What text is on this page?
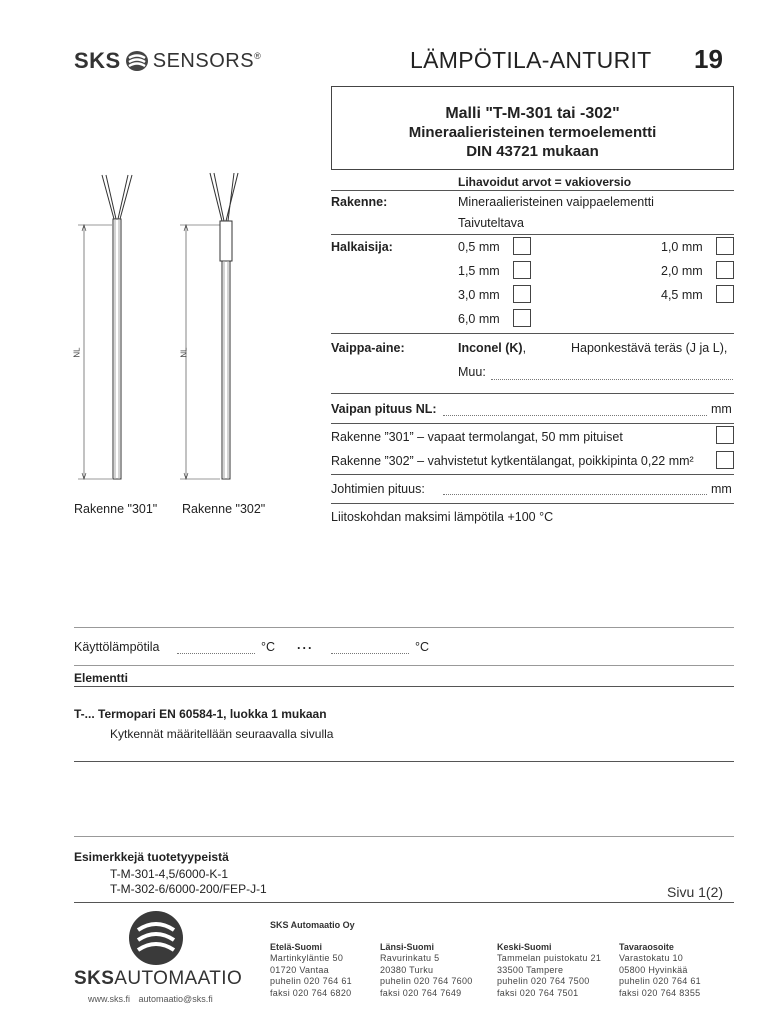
SKS SENSORS ®	LÄMPÖTILA-ANTURIT 19
Malli "T-M-301 tai -302"
Mineraalieristeinen termoelementti
DIN 43721 mukaan
Lihavoidut arvot = vakioversio
Rakenne:	Mineraalieristeinen vaippaelementti
Taivuteltava
Halkaisija:	0,5 mm	1,0 mm
1,5 mm	2,0 mm
3,0 mm	4,5 mm
6,0 mm
Vaippa-aine:	Inconel (K),	Haponkestävä teräs (J ja L),
Muu:
Vaipan pituus NL:	mm
Rakenne ”301” – vapaat termolangat, 50 mm pituiset
Rakenne ”302” – vahvistetut kytkentälangat, poikkipinta 0,22 mm²
Johtimien pituus:	mm
Liitoskohdan maksimi lämpötila +100 °C
NL	NL
Rakenne "301" Rakenne "302"
Käyttölämpötila	°C ...	°C
Elementti
T-... Termopari EN 60584-1, luokka 1 mukaan
Kytkennät määritellään seuraavalla sivulla
Esimerkkejä tuotetyypeistä
T-M-301-4,5/6000-K-1
T-M-302-6/6000-200/FEP-J-1	Sivu 1(2)
SKSAUTOMAATIO
www.sks.fi automaatio@sks.fi
SKS Automaatio Oy
Etelä-Suomi
Martinkyläntie 50
01720 Vantaa
puhelin 020 764 61
faksi 020 764 6820
Länsi-Suomi
Ravurinkatu 5
20380 Turku
puhelin 020 764 7600
faksi 020 764 7649
Keski-Suomi
Tammelan puistokatu 21
33500 Tampere
puhelin 020 764 7500
faksi 020 764 7501
Tavaraosoite
Varastokatu 10
05800 Hyvinkää
puhelin 020 764 61
faksi 020 764 8355
